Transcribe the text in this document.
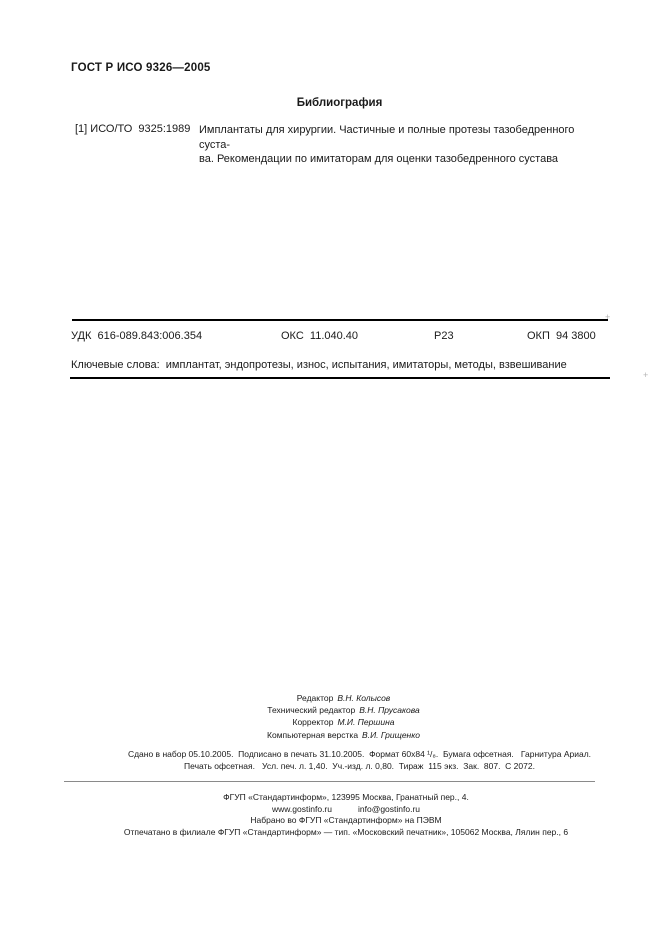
ГОСТ Р ИСО 9326—2005
Библиография
[1] ИСО/ТО  9325:1989 Имплантаты для хирургии. Частичные и полные протезы тазобедренного суста-
ва. Рекомендации по имитаторам для оценки тазобедренного сустава
+
УДК  616-089.843:006.354	ОКС  11.040.40	Р23	ОКП  94 3800
Ключевые слова:  имплантат, эндопротезы, износ, испытания, имитаторы, методы, взвешивание
+
Редактор В.Н. Колысов
Технический редактор В.Н. Прусакова
Корректор М.И. Першина
Компьютерная верстка В.И. Грищенко
Сдано в набор 05.10.2005.  Подписано в печать 31.10.2005.  Формат 60х84 ¹/₈.  Бумага офсетная.   Гарнитура Ариал.
Печать офсетная.   Усл. печ. л. 1,40.  Уч.-изд. л. 0,80.  Тираж  115 экз.  Зак.  807.  С 2072.
ФГУП «Стандартинформ», 123995 Москва, Гранатный пер., 4.
www.gostinfo.ru	info@gostinfo.ru
Набрано во ФГУП «Стандартинформ» на ПЭВМ
Отпечатано в филиале ФГУП «Стандартинформ» — тип. «Московский печатник», 105062 Москва, Лялин пер., 6
